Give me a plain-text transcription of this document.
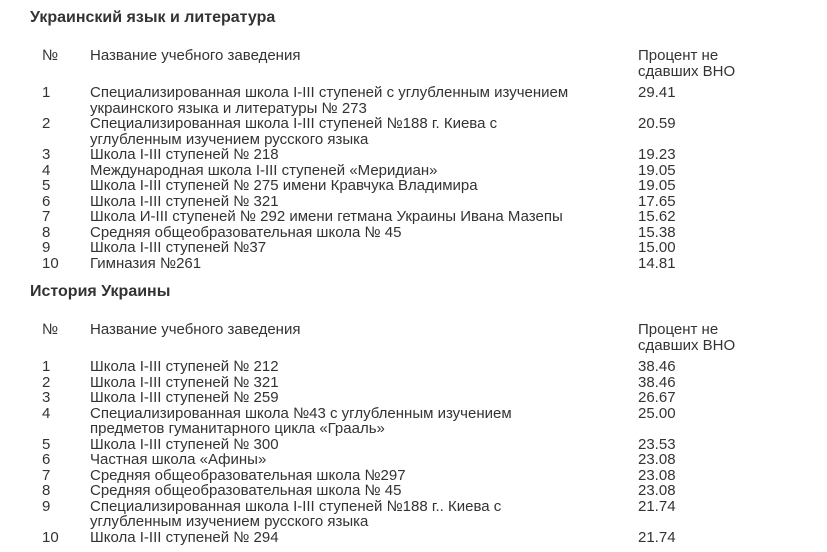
Украинский язык и литература
№	Название учебного заведения	Процент не сдавших ВНО
1	Специализированная школа I-III ступеней с углубленным изучением украинского языка и литературы № 273	29.41
2	Специализированная школа I-III ступеней №188 г. Киева с углубленным изучением русского языка	20.59
3	Школа I-III ступеней № 218	19.23
4	Международная школа I-III ступеней «Меридиан»	19.05
5	Школа I-III ступеней № 275 имени Кравчука Владимира	19.05
6	Школа I-III ступеней № 321	17.65
7	Школа И-III ступеней № 292 имени гетмана Украины Ивана Мазепы	15.62
8	Средняя общеобразовательная школа № 45	15.38
9	Школа I-III ступеней №37	15.00
10	Гимназия №261	14.81
История Украины
№	Название учебного заведения	Процент не сдавших ВНО
1	Школа I-III ступеней № 212	38.46
2	Школа I-III ступеней № 321	38.46
3	Школа I-III ступеней № 259	26.67
4	Специализированная школа №43 с углубленным изучением предметов гуманитарного цикла «Грааль»	25.00
5	Школа I-III ступеней № 300	23.53
6	Частная школа «Афины»	23.08
7	Средняя общеобразовательная школа №297	23.08
8	Средняя общеобразовательная школа № 45	23.08
9	Специализированная школа I-III ступеней №188 г.. Киева с углубленным изучением русского языка	21.74
10	Школа I-III ступеней № 294	21.74
